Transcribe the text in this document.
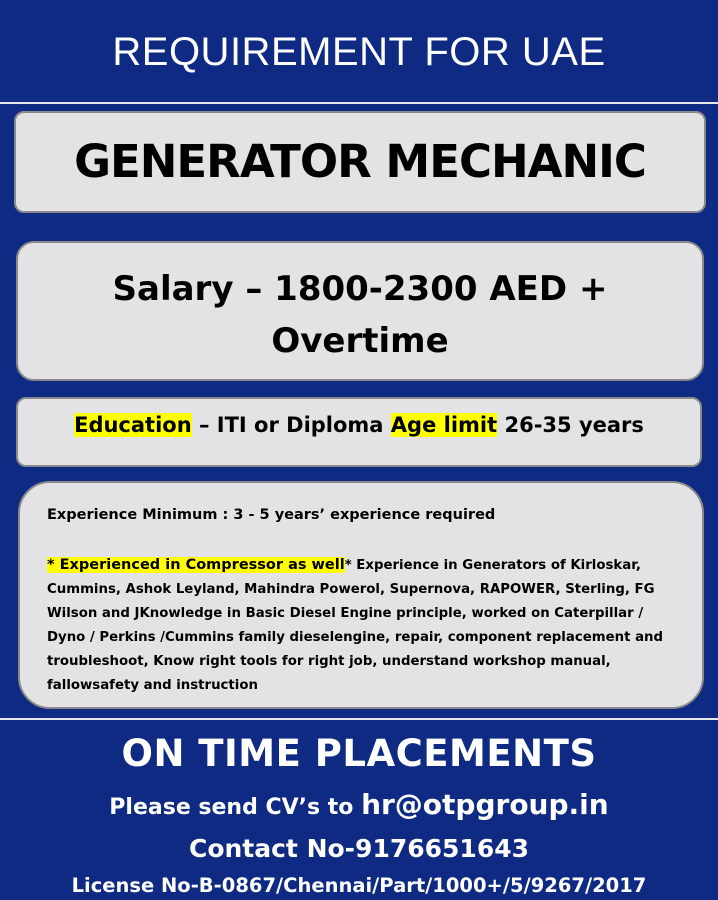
REQUIREMENT FOR UAE
GENERATOR MECHANIC
Salary – 1800-2300 AED +
Overtime
Education – ITI or Diploma Age limit 26-35 years
Experience Minimum : 3 - 5 years’ experience required
* Experienced in Compressor as well* Experience in Generators of Kirloskar, Cummins, Ashok Leyland, Mahindra Powerol, Supernova, RAPOWER, Sterling, FG Wilson and JKnowledge in Basic Diesel Engine principle, worked on Caterpillar / Dyno / Perkins /Cummins family dieselengine, repair, component replacement and troubleshoot, Know right tools for right job, understand workshop manual, fallowsafety and instruction
ON TIME PLACEMENTS
Please send CV’s to hr@otpgroup.in
Contact No-9176651643
License No-B-0867/Chennai/Part/1000+/5/9267/2017
